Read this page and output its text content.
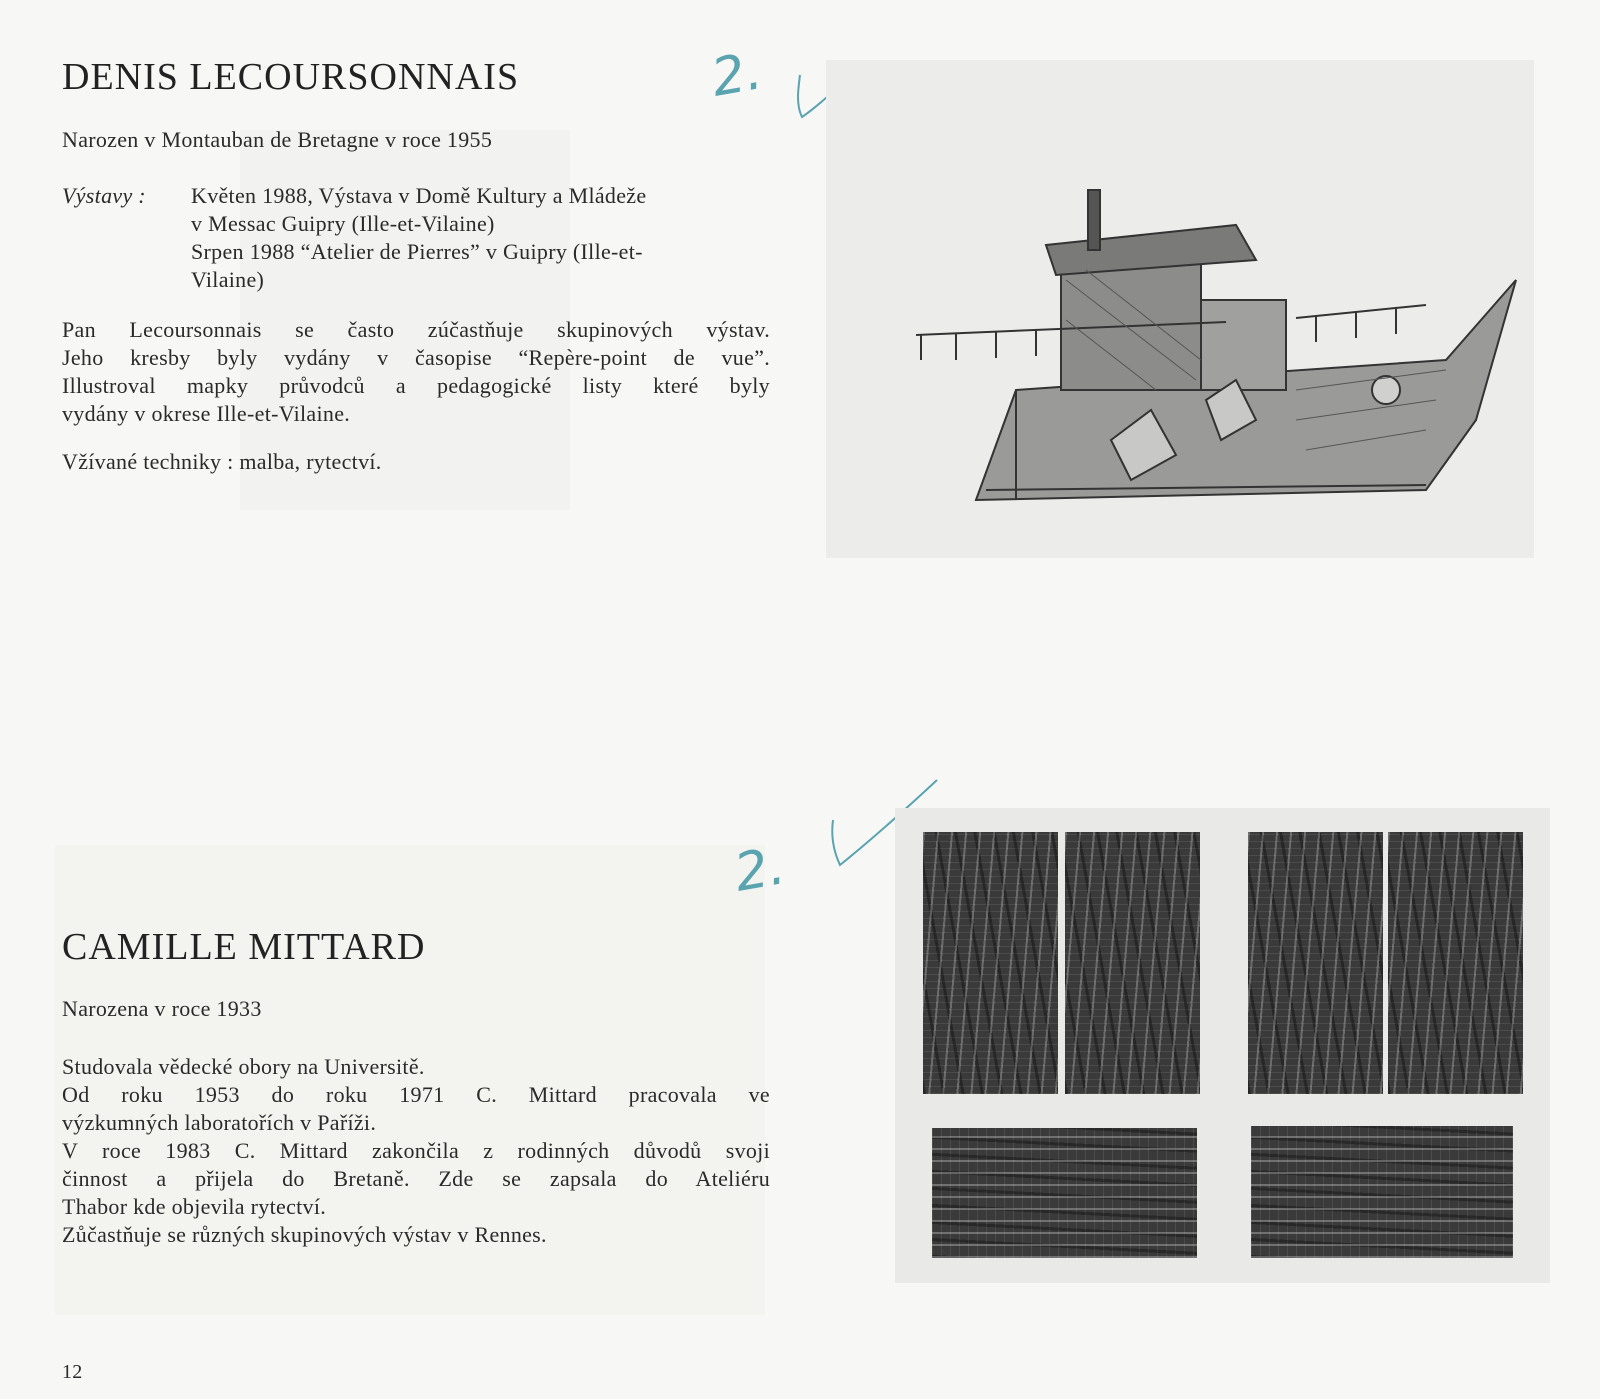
DENIS LECOURSONNAIS

Narozen v Montauban de Bretagne v roce 1955

Výstavy : Květen 1988, Výstava v Domě Kultury a Mládeže

v Messac Guipry (Ille-et-Vilaine)

Srpen 1988 “Atelier de Pierres” v Guipry (Ille-et-

Vilaine)

Pan Lecoursonnais se často zúčastňuje skupinových výstav.

Jeho kresby byly vydány v časopise “Repère-point de vue”.

Illustroval mapky průvodců a pedagogické listy které byly

vydány v okrese Ille-et-Vilaine.

Vžívané techniky : malba, rytectví.

2.
CAMILLE MITTARD

Narozena v roce 1933

Studovala vědecké obory na Universitě.

Od roku 1953 do roku 1971 C. Mittard pracovala ve

výzkumných laboratořích v Paříži.

V roce 1983 C. Mittard zakončila z rodinných důvodů svoji

činnost a přijela do Bretaně. Zde se zapsala do Ateliéru

Thabor kde objevila rytectví.

Zůčastňuje se různých skupinových výstav v Rennes.

2.
12
